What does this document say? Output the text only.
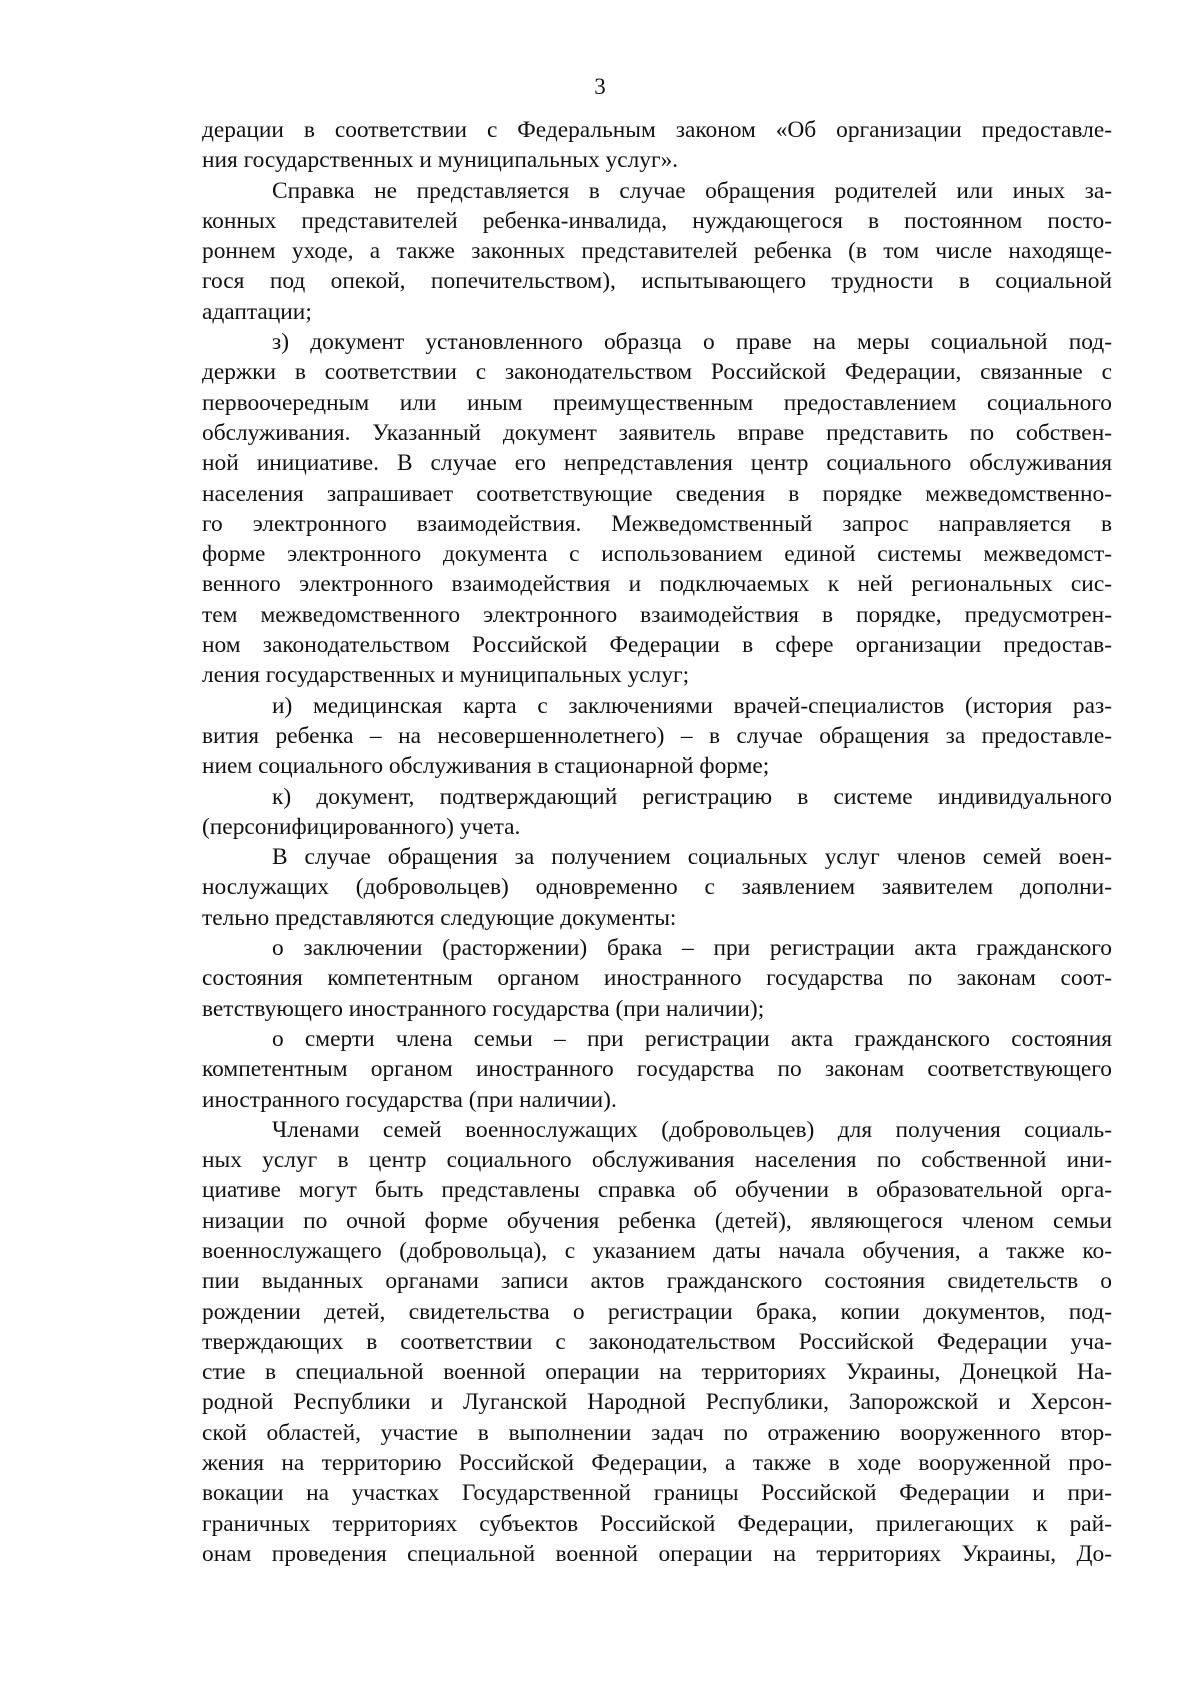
3
дерации в соответствии с Федеральным законом «Об организации предоставле-
ния государственных и муниципальных услуг».
Справка не представляется в случае обращения родителей или иных за-
конных представителей ребенка-инвалида, нуждающегося в постоянном посто-
роннем уходе, а также законных представителей ребенка (в том числе находяще-
гося под опекой, попечительством), испытывающего трудности в социальной
адаптации;
з) документ установленного образца о праве на меры социальной под-
держки в соответствии с законодательством Российской Федерации, связанные с
первоочередным или иным преимущественным предоставлением социального
обслуживания. Указанный документ заявитель вправе представить по собствен-
ной инициативе. В случае его непредставления центр социального обслуживания
населения запрашивает соответствующие сведения в порядке межведомственно-
го электронного взаимодействия. Межведомственный запрос направляется в
форме электронного документа с использованием единой системы межведомст-
венного электронного взаимодействия и подключаемых к ней региональных сис-
тем межведомственного электронного взаимодействия в порядке, предусмотрен-
ном законодательством Российской Федерации в сфере организации предостав-
ления государственных и муниципальных услуг;
и) медицинская карта с заключениями врачей-специалистов (история раз-
вития ребенка – на несовершеннолетнего) – в случае обращения за предоставле-
нием социального обслуживания в стационарной форме;
к) документ, подтверждающий регистрацию в системе индивидуального
(персонифицированного) учета.
В случае обращения за получением социальных услуг членов семей воен-
нослужащих (добровольцев) одновременно с заявлением заявителем дополни-
тельно представляются следующие документы:
о заключении (расторжении) брака – при регистрации акта гражданского
состояния компетентным органом иностранного государства по законам соот-
ветствующего иностранного государства (при наличии);
о смерти члена семьи – при регистрации акта гражданского состояния
компетентным органом иностранного государства по законам соответствующего
иностранного государства (при наличии).
Членами семей военнослужащих (добровольцев) для получения социаль-
ных услуг в центр социального обслуживания населения по собственной ини-
циативе могут быть представлены справка об обучении в образовательной орга-
низации по очной форме обучения ребенка (детей), являющегося членом семьи
военнослужащего (добровольца), с указанием даты начала обучения, а также ко-
пии выданных органами записи актов гражданского состояния свидетельств о
рождении детей, свидетельства о регистрации брака, копии документов, под-
тверждающих в соответствии с законодательством Российской Федерации уча-
стие в специальной военной операции на территориях Украины, Донецкой На-
родной Республики и Луганской Народной Республики, Запорожской и Херсон-
ской областей, участие в выполнении задач по отражению вооруженного втор-
жения на территорию Российской Федерации, а также в ходе вооруженной про-
вокации на участках Государственной границы Российской Федерации и при-
граничных территориях субъектов Российской Федерации, прилегающих к рай-
онам проведения специальной военной операции на территориях Украины, До-
